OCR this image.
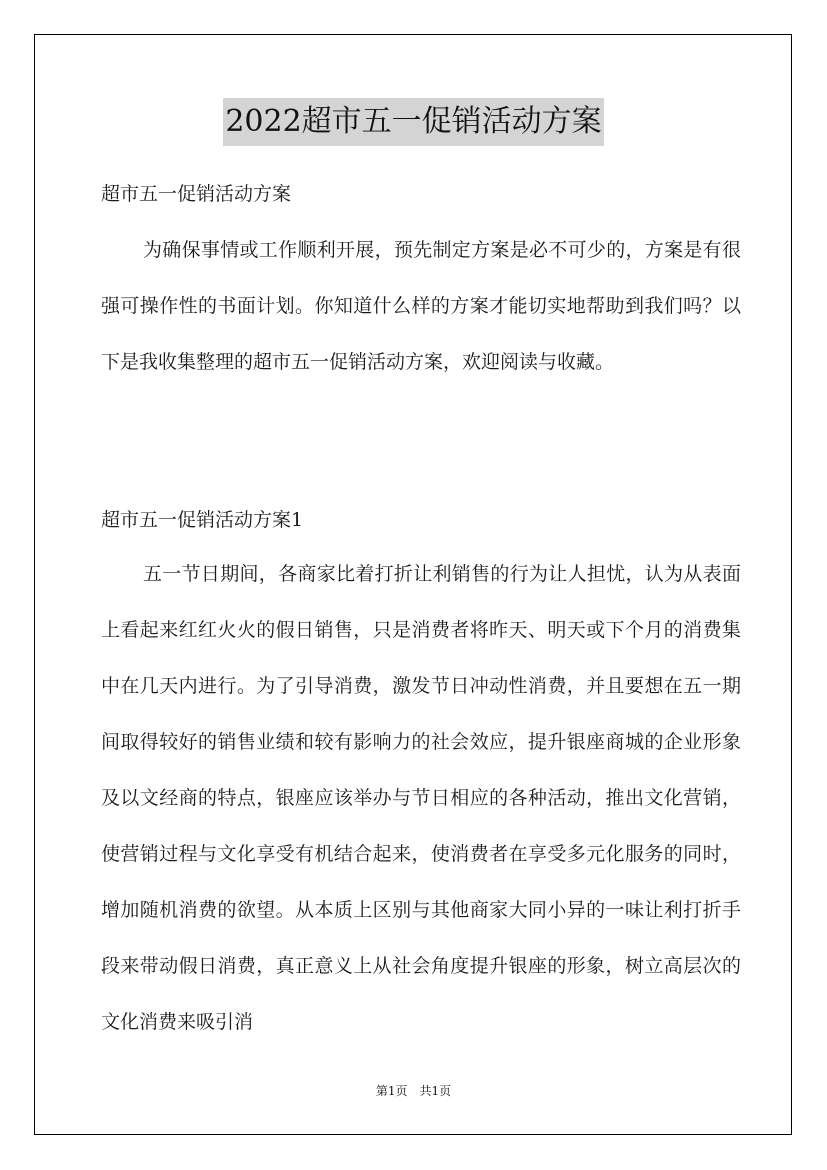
2022超市五一促销活动方案

超市五一促销活动方案

为确保事情或工作顺利开展，预先制定方案是必不可少的，方案是有很强可操作性的书面计划。你知道什么样的方案才能切实地帮助到我们吗？以下是我收集整理的超市五一促销活动方案，欢迎阅读与收藏。

超市五一促销活动方案1

五一节日期间，各商家比着打折让利销售的行为让人担忧，认为从表面上看起来红红火火的假日销售，只是消费者将昨天、明天或下个月的消费集中在几天内进行。为了引导消费，激发节日冲动性消费，并且要想在五一期间取得较好的销售业绩和较有影响力的社会效应，提升银座商城的企业形象及以文经商的特点，银座应该举办与节日相应的各种活动，推出文化营销，使营销过程与文化享受有机结合起来，使消费者在享受多元化服务的同时，增加随机消费的欲望。从本质上区别与其他商家大同小异的一味让利打折手段来带动假日消费，真正意义上从社会角度提升银座的形象，树立高层次的文化消费来吸引消

第1页　共1页
